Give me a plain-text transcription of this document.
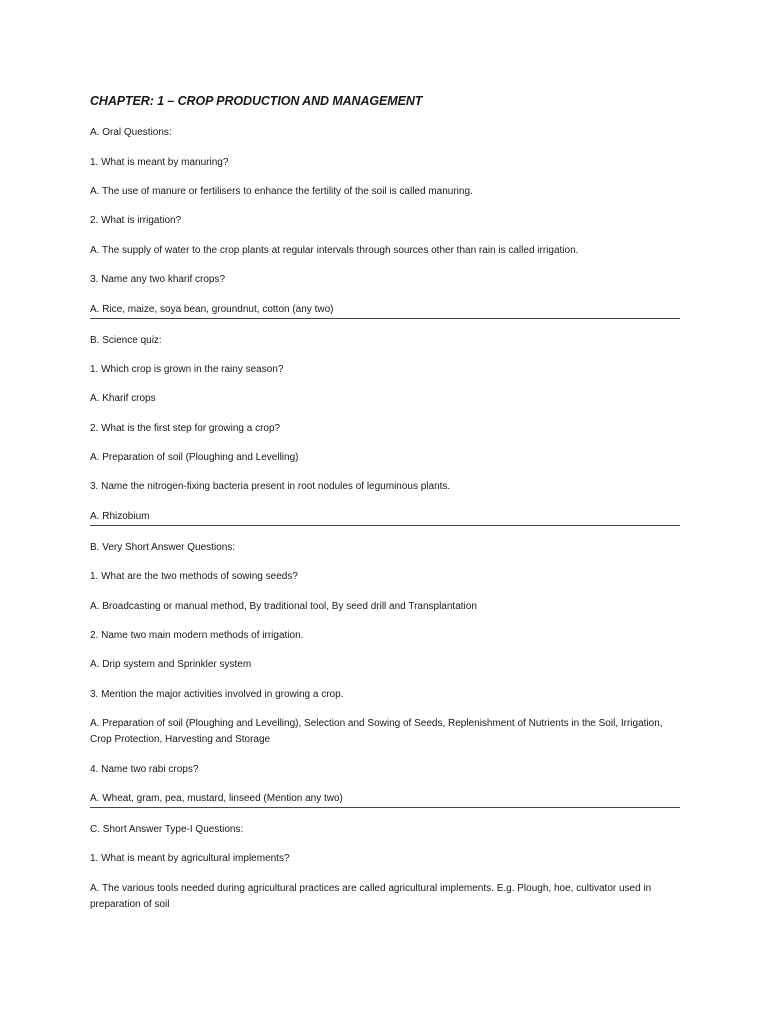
CHAPTER: 1 – CROP PRODUCTION AND MANAGEMENT
A. Oral Questions:
1. What is meant by manuring?
A. The use of manure or fertilisers to enhance the fertility of the soil is called manuring.
2. What is irrigation?
A. The supply of water to the crop plants at regular intervals through sources other than rain is called irrigation.
3. Name any two kharif crops?
A. Rice, maize, soya bean, groundnut, cotton (any two)
B. Science quiz:
1. Which crop is grown in the rainy season?
A. Kharif crops
2. What is the first step for growing a crop?
A. Preparation of soil (Ploughing and Levelling)
3. Name the nitrogen-fixing bacteria present in root nodules of leguminous plants.
A. Rhizobium
B. Very Short Answer Questions:
1. What are the two methods of sowing seeds?
A. Broadcasting or manual method, By traditional tool, By seed drill and Transplantation
2. Name two main modern methods of irrigation.
A. Drip system and Sprinkler system
3. Mention the major activities involved in growing a crop.
A. Preparation of soil (Ploughing and Levelling), Selection and Sowing of Seeds, Replenishment of Nutrients in the Soil, Irrigation, Crop Protection, Harvesting and Storage
4. Name two rabi crops?
A. Wheat, gram, pea, mustard, linseed (Mention any two)
C. Short Answer Type-I Questions:
1. What is meant by agricultural implements?
A. The various tools needed during agricultural practices are called agricultural implements. E.g. Plough, hoe, cultivator used in preparation of soil
